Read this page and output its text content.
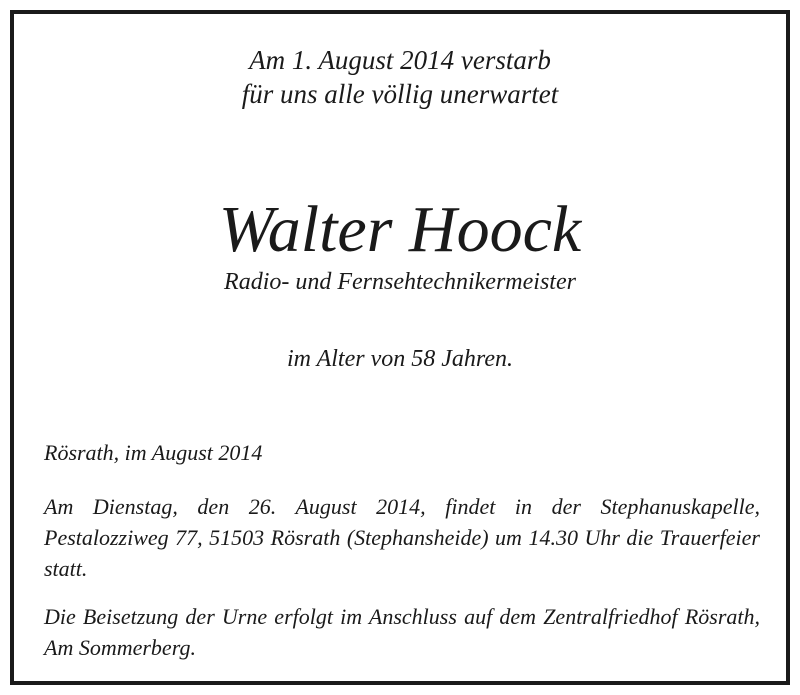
Am 1. August 2014 verstarb
für uns alle völlig unerwartet
Walter Hoock
Radio- und Fernsehtechnikermeister
im Alter von 58 Jahren.
Rösrath, im August 2014
Am Dienstag, den 26. August 2014, findet in der Stephanuskapelle, Pestalozziweg 77, 51503 Rösrath (Stephansheide) um 14.30 Uhr die Trauerfeier statt.
Die Beisetzung der Urne erfolgt im Anschluss auf dem Zentralfriedhof Rösrath, Am Sommerberg.
